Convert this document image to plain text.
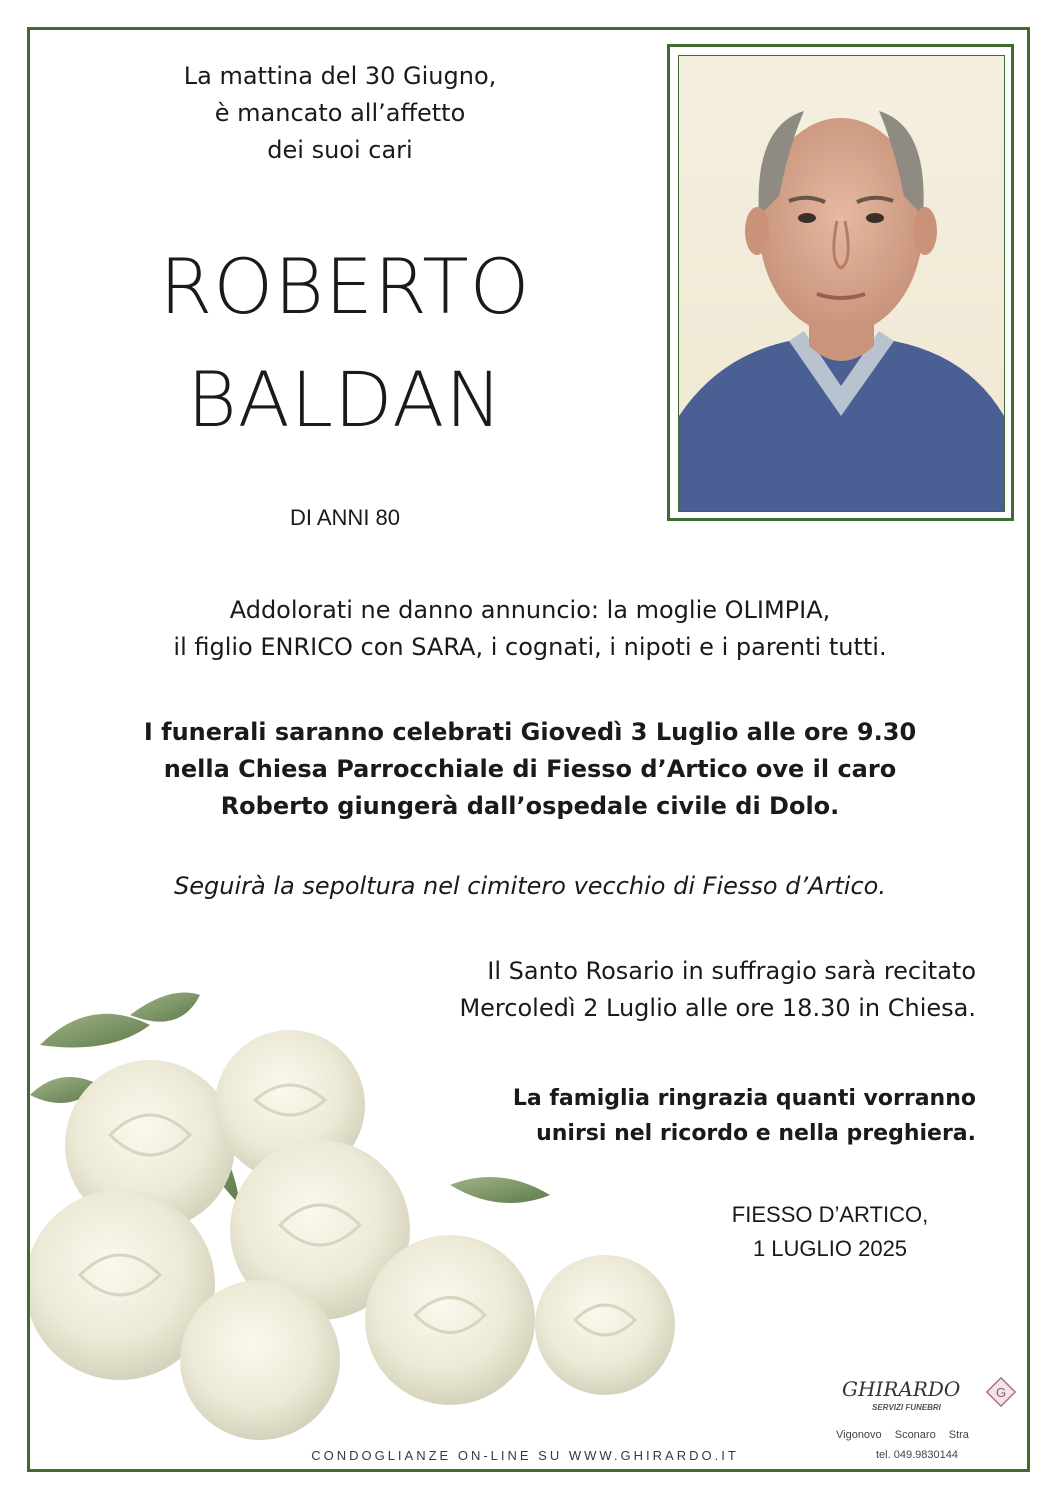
La mattina del 30 Giugno,
è mancato all’affetto
dei suoi cari
ROBERTO
BALDAN
DI ANNI 80
Addolorati ne danno annuncio: la moglie OLIMPIA,
il figlio ENRICO con SARA, i cognati, i nipoti e i parenti tutti.
I funerali saranno celebrati Giovedì 3 Luglio alle ore 9.30
nella Chiesa Parrocchiale di Fiesso d’Artico ove il caro
Roberto giungerà dall’ospedale civile di Dolo.
Seguirà la sepoltura nel cimitero vecchio di Fiesso d’Artico.
Il Santo Rosario in suffragio sarà recitato
Mercoledì 2 Luglio alle ore 18.30 in Chiesa.
La famiglia ringrazia quanti vorranno
unirsi nel ricordo e nella preghiera.
FIESSO D’ARTICO,
1 LUGLIO 2025
CONDOGLIANZE ON-LINE SU WWW.GHIRARDO.IT
GHIRARDO
SERVIZI FUNEBRI
G
Vigonovo Sconaro Stra
tel. 049.9830144
